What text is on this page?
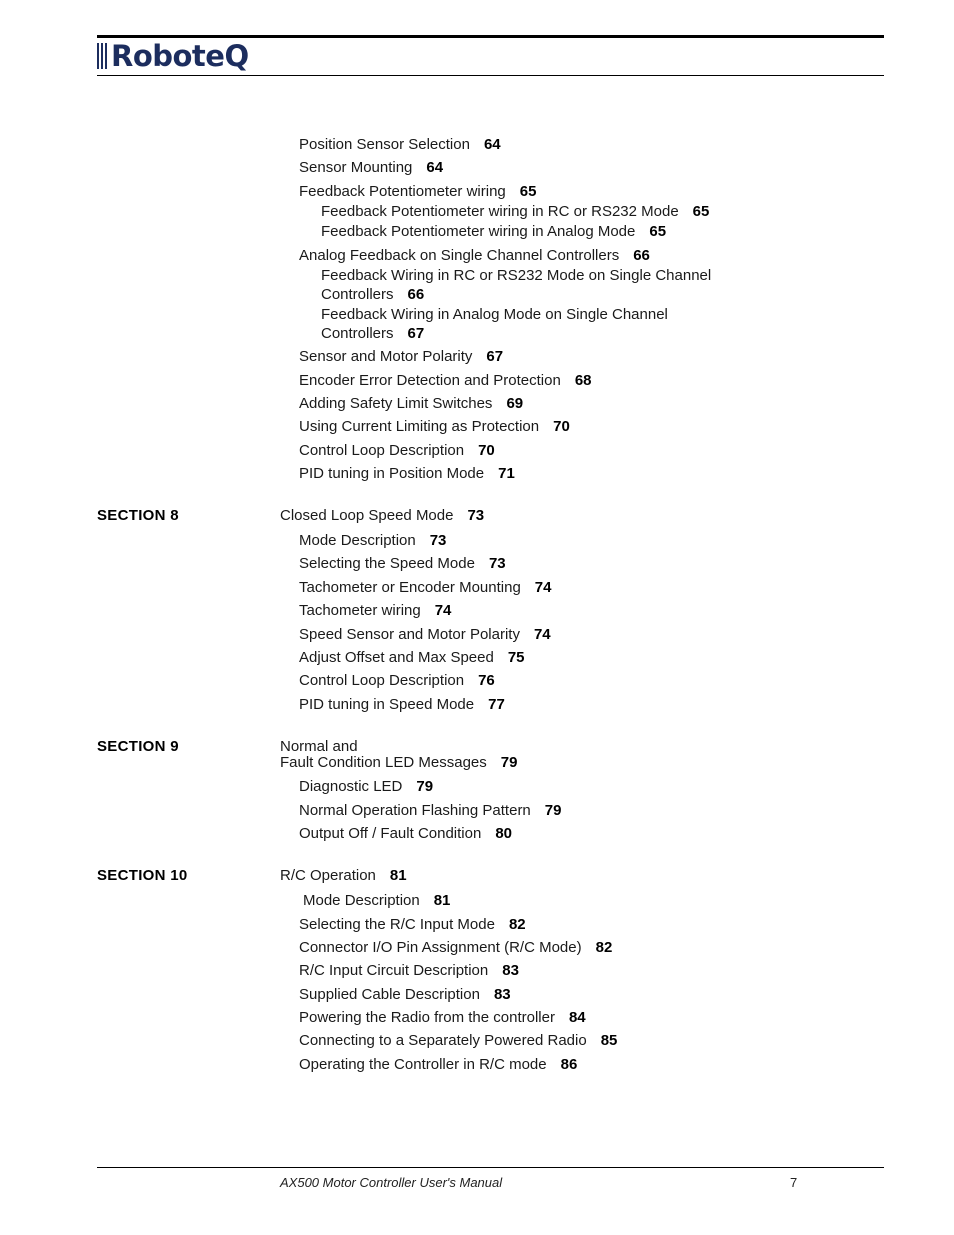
RoboteQ
SECTION 8
SECTION 9
SECTION 10
Position Sensor Selection 64
Sensor Mounting 64
Feedback Potentiometer wiring 65
Feedback Potentiometer wiring in RC or RS232 Mode 65
Feedback Potentiometer wiring in Analog Mode 65
Analog Feedback on Single Channel Controllers 66
Feedback Wiring in RC or RS232 Mode on Single Channel
Controllers 66
Feedback Wiring in Analog Mode on Single Channel
Controllers 67
Sensor and Motor Polarity 67
Encoder Error Detection and Protection 68
Adding Safety Limit Switches 69
Using Current Limiting as Protection 70
Control Loop Description 70
PID tuning in Position Mode 71
Closed Loop Speed Mode 73
Mode Description 73
Selecting the Speed Mode 73
Tachometer or Encoder Mounting 74
Tachometer wiring 74
Speed Sensor and Motor Polarity 74
Adjust Offset and Max Speed 75
Control Loop Description 76
PID tuning in Speed Mode 77
Normal and
Fault Condition LED Messages 79
Diagnostic LED 79
Normal Operation Flashing Pattern 79
Output Off / Fault Condition 80
R/C Operation 81
Mode Description 81
Selecting the R/C Input Mode 82
Connector I/O Pin Assignment (R/C Mode) 82
R/C Input Circuit Description 83
Supplied Cable Description 83
Powering the Radio from the controller 84
Connecting to a Separately Powered Radio 85
Operating the Controller in R/C mode 86
AX500 Motor Controller User's Manual	7
